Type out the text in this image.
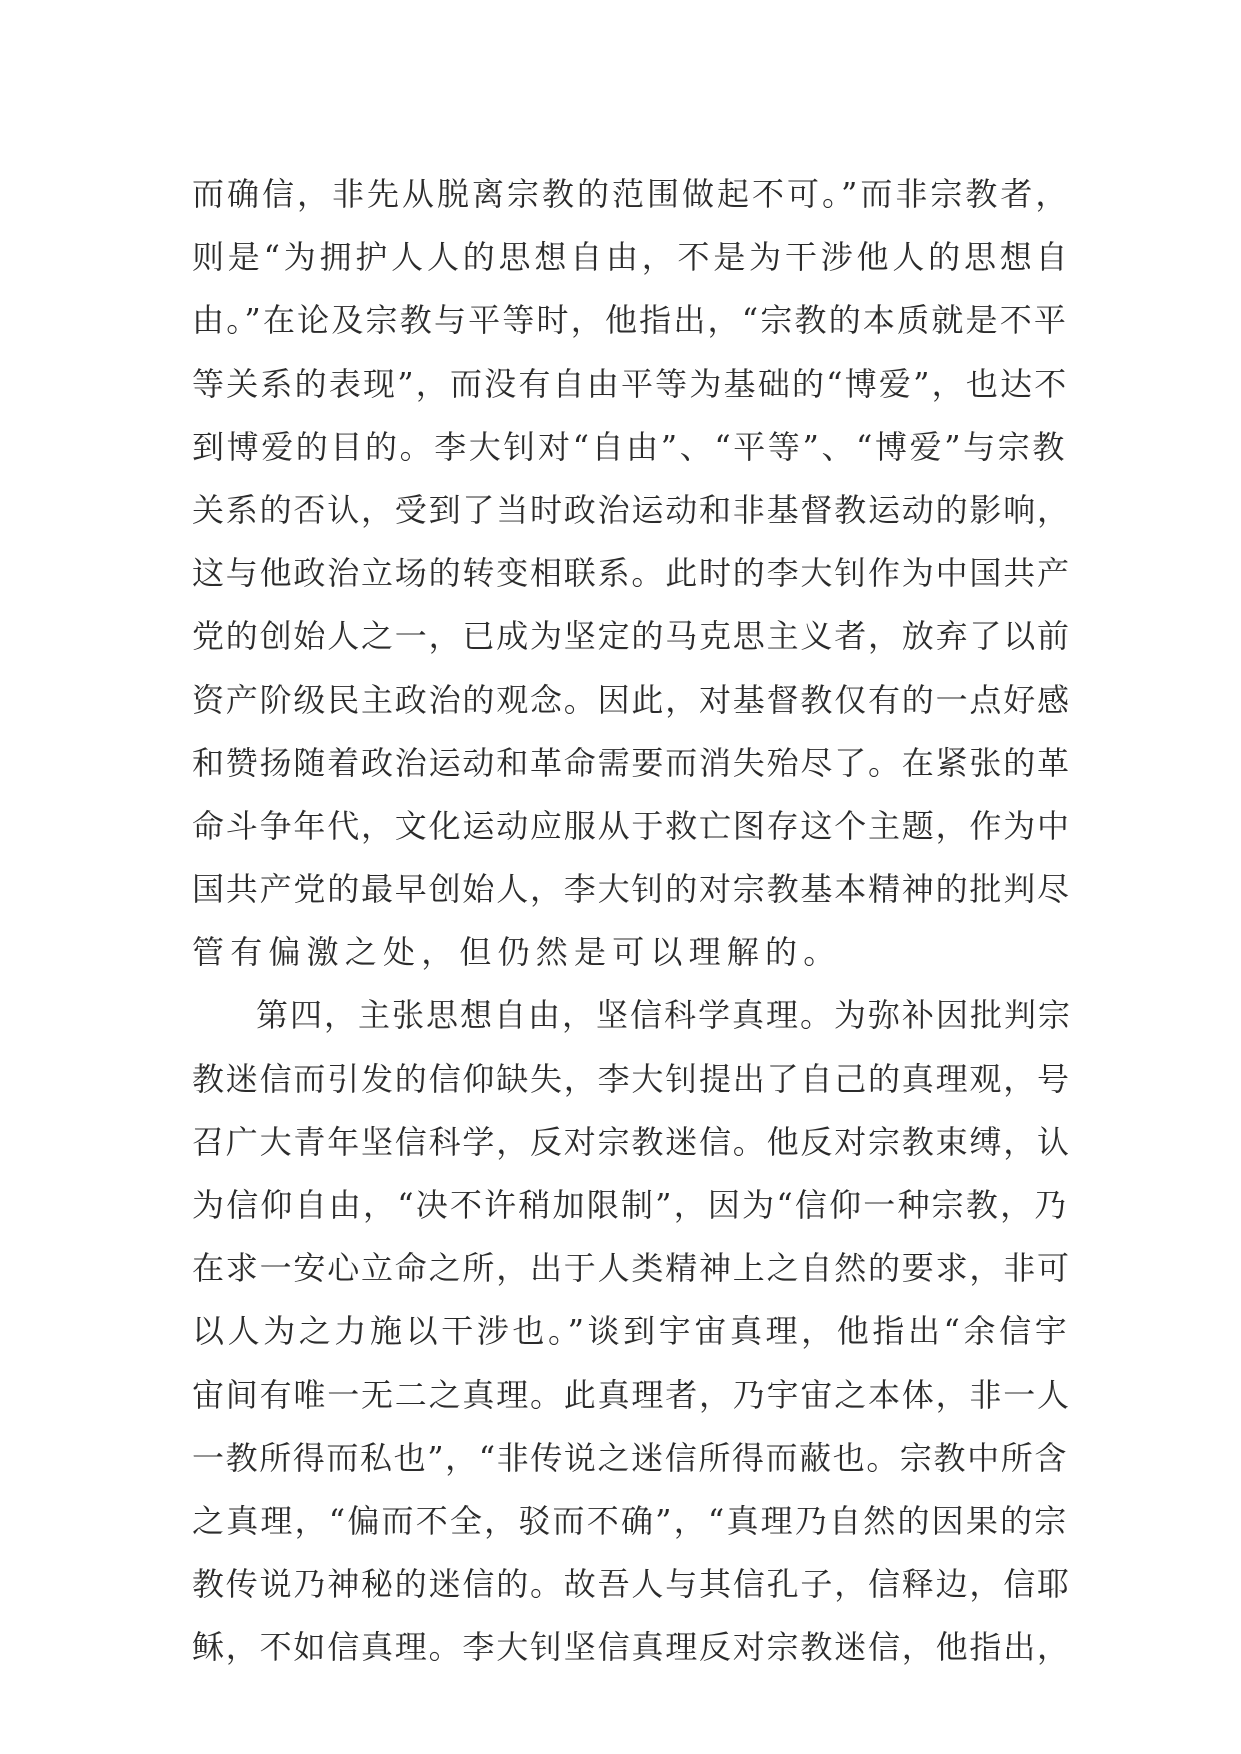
而确信，非先从脱离宗教的范围做起不可。”而非宗教者，
则是“为拥护人人的思想自由，不是为干涉他人的思想自
由。”在论及宗教与平等时，他指出，“宗教的本质就是不平
等关系的表现”，而没有自由平等为基础的“博爱”，也达不
到博爱的目的。李大钊对“自由”、“平等”、“博爱”与宗教
关系的否认，受到了当时政治运动和非基督教运动的影响，
这与他政治立场的转变相联系。此时的李大钊作为中国共产
党的创始人之一，已成为坚定的马克思主义者，放弃了以前
资产阶级民主政治的观念。因此，对基督教仅有的一点好感
和赞扬随着政治运动和革命需要而消失殆尽了。在紧张的革
命斗争年代，文化运动应服从于救亡图存这个主题，作为中
国共产党的最早创始人，李大钊的对宗教基本精神的批判尽
管有偏激之处，但仍然是可以理解的。
第四，主张思想自由，坚信科学真理。为弥补因批判宗
教迷信而引发的信仰缺失，李大钊提出了自己的真理观，号
召广大青年坚信科学，反对宗教迷信。他反对宗教束缚，认
为信仰自由，“决不许稍加限制”，因为“信仰一种宗教，乃
在求一安心立命之所，出于人类精神上之自然的要求，非可
以人为之力施以干涉也。”谈到宇宙真理，他指出“余信宇
宙间有唯一无二之真理。此真理者，乃宇宙之本体，非一人
一教所得而私也”，“非传说之迷信所得而蔽也。宗教中所含
之真理，“偏而不全，驳而不确”，“真理乃自然的因果的宗
教传说乃神秘的迷信的。故吾人与其信孔子，信释边，信耶
稣，不如信真理。李大钊坚信真理反对宗教迷信，他指出，
